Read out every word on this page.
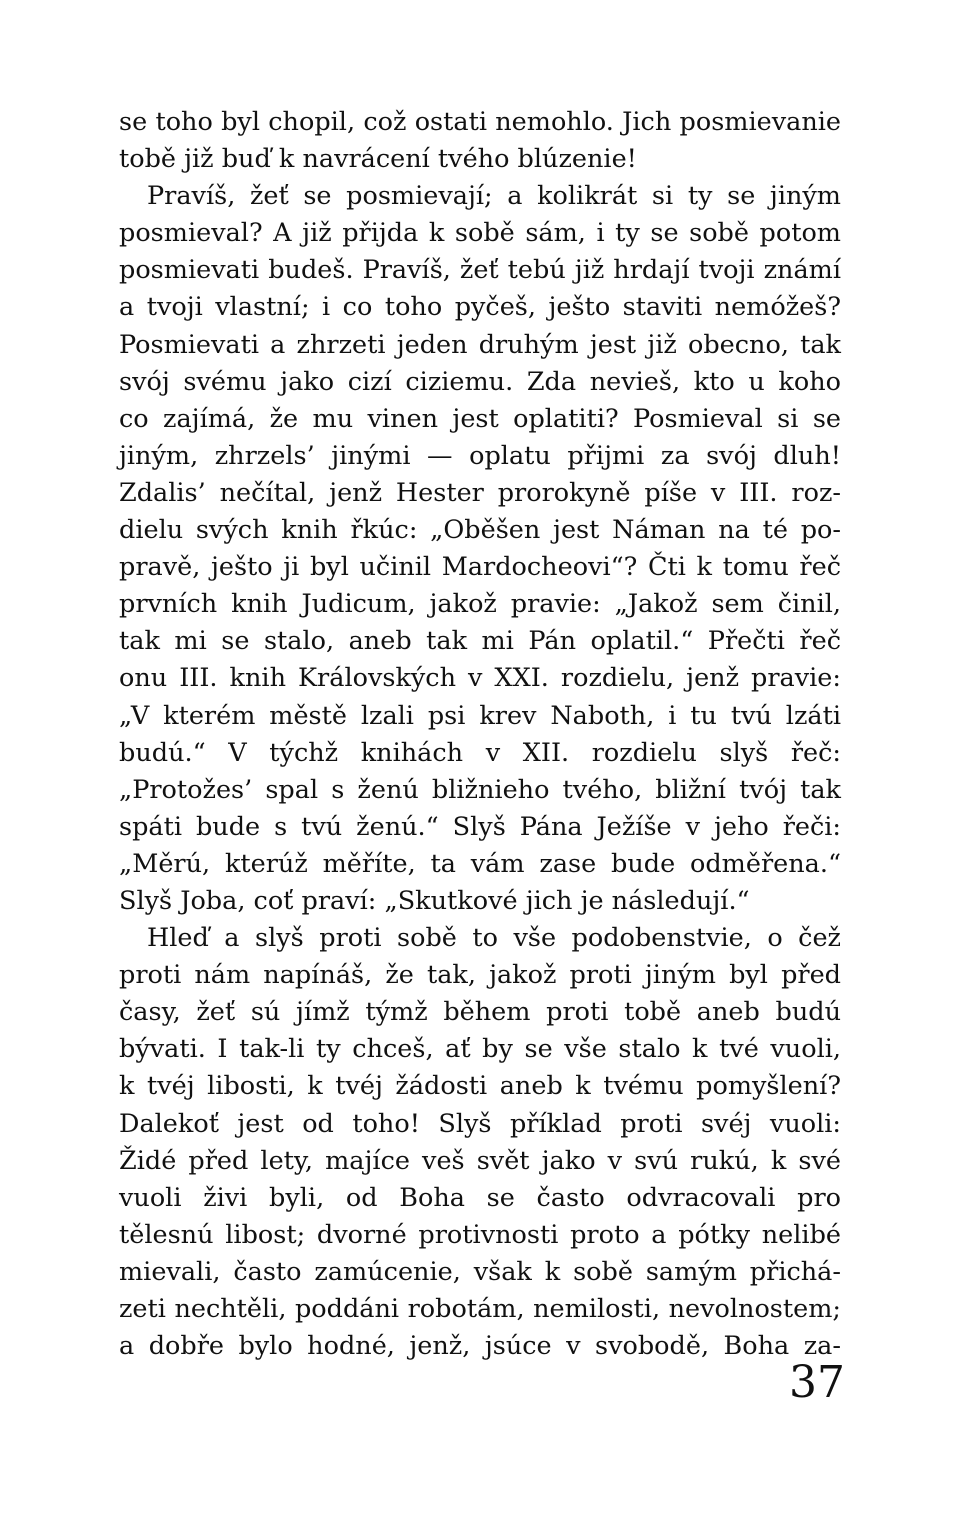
se toho byl chopil, což ostati nemohlo. Jich posmievanie
tobě již buď k navrácení tvého blúzenie!
Pravíš, žeť se posmievají; a kolikrát si ty se jiným
posmieval? A již přijda k sobě sám, i ty se sobě potom
posmievati budeš. Pravíš, žeť tebú již hrdají tvoji známí
a tvoji vlastní; i co toho pyčeš, ješto staviti nemóžeš?
Posmievati a zhrzeti jeden druhým jest již obecno, tak
svój svému jako cizí ciziemu. Zda nevieš, kto u koho
co zajímá, že mu vinen jest oplatiti? Posmieval si se
jiným, zhrzels’ jinými — oplatu přijmi za svój dluh!
Zdalis’ nečítal, jenž Hester prorokyně píše v III. roz-
dielu svých knih řkúc: „Oběšen jest Náman na té po-
pravě, ješto ji byl učinil Mardocheovi“? Čti k tomu řeč
prvních knih Judicum, jakož pravie: „Jakož sem činil,
tak mi se stalo, aneb tak mi Pán oplatil.“ Přečti řeč
onu III. knih Královských v XXI. rozdielu, jenž pravie:
„V kterém městě lzali psi krev Naboth, i tu tvú lzáti
budú.“ V týchž knihách v XII. rozdielu slyš řeč:
„Protožes’ spal s ženú bližnieho tvého, bližní tvój tak
spáti bude s tvú ženú.“ Slyš Pána Ježíše v jeho řeči:
„Měrú, kterúž měříte, ta vám zase bude odměřena.“
Slyš Joba, coť praví: „Skutkové jich je následují.“
Hleď a slyš proti sobě to vše podobenstvie, o čež
proti nám napínáš, že tak, jakož proti jiným byl před
časy, žeť sú jímž týmž během proti tobě aneb budú
bývati. I tak-li ty chceš, ať by se vše stalo k tvé vuoli,
k tvéj libosti, k tvéj žádosti aneb k tvému pomyšlení?
Dalekoť jest od toho! Slyš příklad proti svéj vuoli:
Židé před lety, majíce veš svět jako v svú rukú, k své
vuoli živi byli, od Boha se často odvracovali pro
tělesnú libost; dvorné protivnosti proto a pótky nelibé
mievali, často zamúcenie, však k sobě samým přichá-
zeti nechtěli, poddáni robotám, nemilosti, nevolnostem;
a dobře bylo hodné, jenž, jsúce v svobodě, Boha za-
37
